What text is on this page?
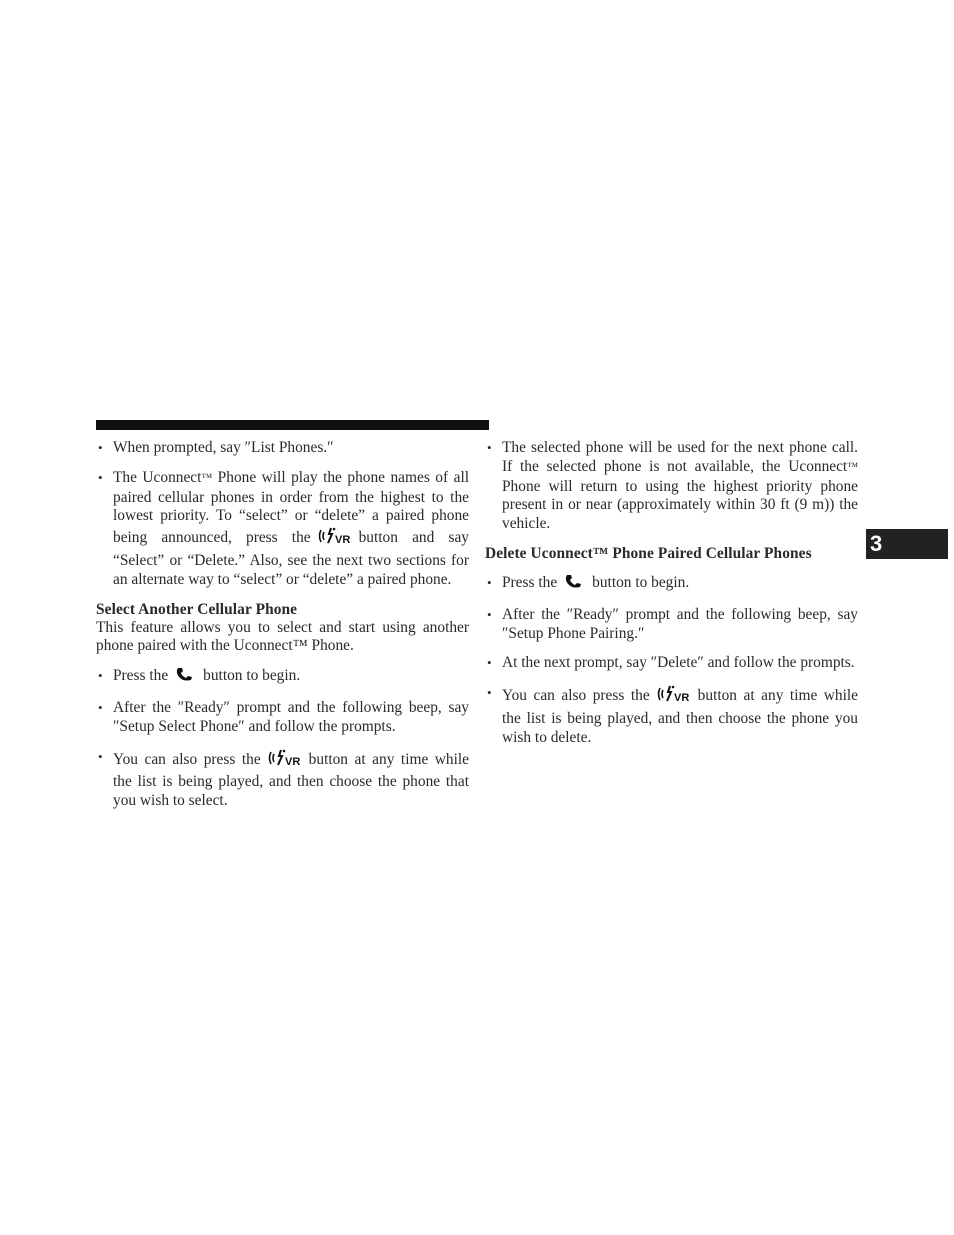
3
• When prompted, say ″List Phones.″
• The Uconnect™ Phone will play the phone names of all paired cellular phones in order from the highest to the lowest priority. To “select” or “delete” a paired phone being announced, press the VR button and say “Select” or “Delete.” Also, see the next two sections for an alternate way to “select” or “delete” a paired phone.
Select Another Cellular Phone
This feature allows you to select and start using another phone paired with the Uconnect™ Phone.
• Press the button to begin.
• After the ″Ready″ prompt and the following beep, say ″Setup Select Phone″ and follow the prompts.
• You can also press the VR button at any time while the list is being played, and then choose the phone that you wish to select.
• The selected phone will be used for the next phone call. If the selected phone is not available, the Uconnect™ Phone will return to using the highest priority phone present in or near (approximately within 30 ft (9 m)) the vehicle.
Delete Uconnect™ Phone Paired Cellular Phones
• Press the button to begin.
• After the ″Ready″ prompt and the following beep, say ″Setup Phone Pairing.″
• At the next prompt, say ″Delete″ and follow the prompts.
• You can also press the VR button at any time while the list is being played, and then choose the phone you wish to delete.
